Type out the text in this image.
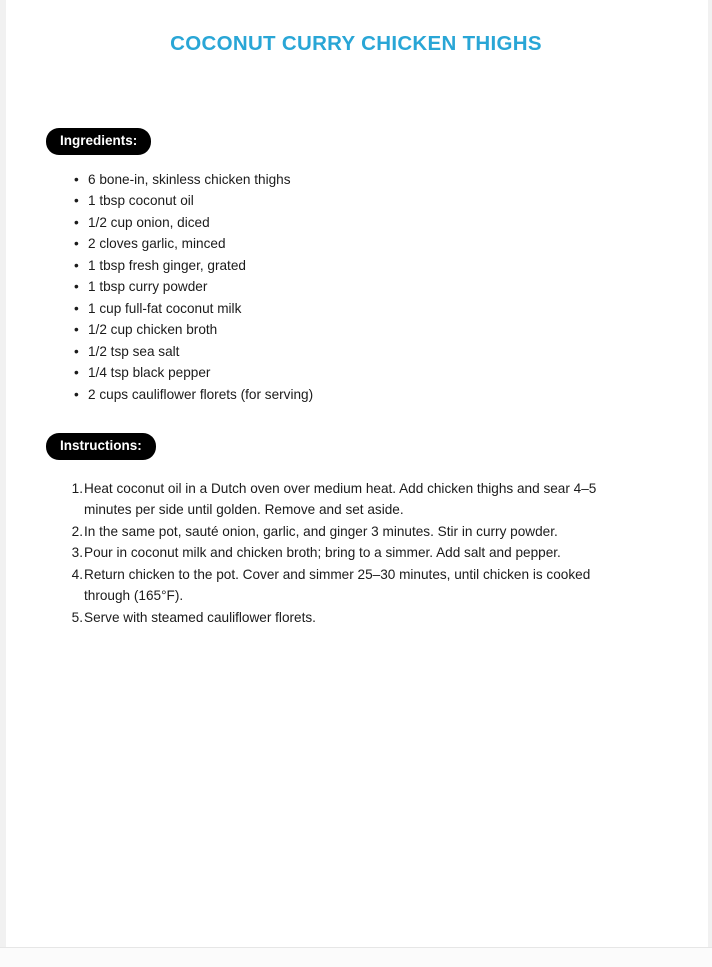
COCONUT CURRY CHICKEN THIGHS
Ingredients:
• 6 bone-in, skinless chicken thighs
• 1 tbsp coconut oil
• 1/2 cup onion, diced
• 2 cloves garlic, minced
• 1 tbsp fresh ginger, grated
• 1 tbsp curry powder
• 1 cup full-fat coconut milk
• 1/2 cup chicken broth
• 1/2 tsp sea salt
• 1/4 tsp black pepper
• 2 cups cauliflower florets (for serving)
Instructions:
Heat coconut oil in a Dutch oven over medium heat. Add chicken thighs and sear 4–5 minutes per side until golden. Remove and set aside.
In the same pot, sauté onion, garlic, and ginger 3 minutes. Stir in curry powder.
Pour in coconut milk and chicken broth; bring to a simmer. Add salt and pepper.
Return chicken to the pot. Cover and simmer 25–30 minutes, until chicken is cooked through (165°F).
Serve with steamed cauliflower florets.
